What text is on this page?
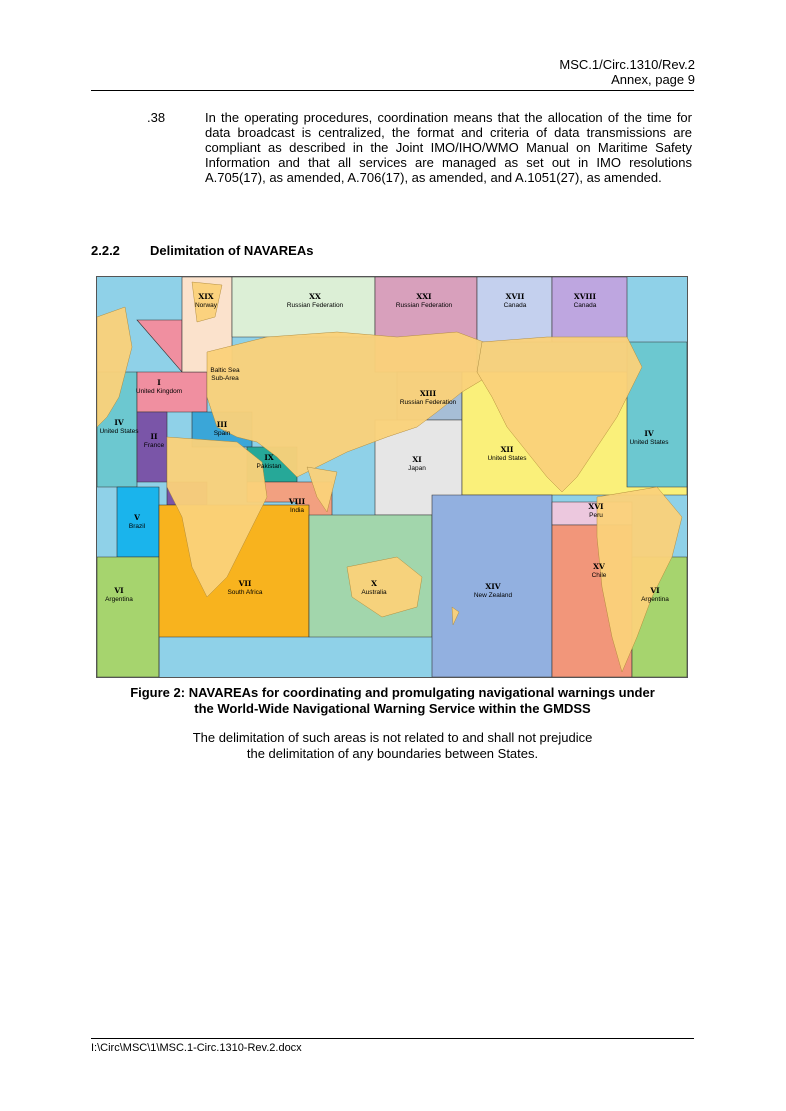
MSC.1/Circ.1310/Rev.2
Annex, page 9
.38	In the operating procedures, coordination means that the allocation of the time for data broadcast is centralized, the format and criteria of data transmissions are compliant as described in the Joint IMO/IHO/WMO Manual on Maritime Safety Information and that all services are managed as set out in IMO resolutions A.705(17), as amended, A.706(17), as amended, and A.1051(27), as amended.
2.2.2 Delimitation of NAVAREAs
I
United Kingdom
II
France
III
Spain
IV
United States	IV
United States
V
Brazil
VI
Argentina
VI
Argentina
VII
South Africa
VIII
India
IX
Pakistan
X
Australia
XI
Japan
XII
United States
XIII
Russian Federation
XIV
New Zealand
XV
Chile
XVI
Peru
XVII
Canada
XVIII
Canada
XIX
Norway
XX
Russian Federation
XXI
Russian Federation
Baltic Sea
Sub-Area
Figure 2: NAVAREAs for coordinating and promulgating navigational warnings under
the World-Wide Navigational Warning Service within the GMDSS
The delimitation of such areas is not related to and shall not prejudice
the delimitation of any boundaries between States.
I:\Circ\MSC\1\MSC.1-Circ.1310-Rev.2.docx
